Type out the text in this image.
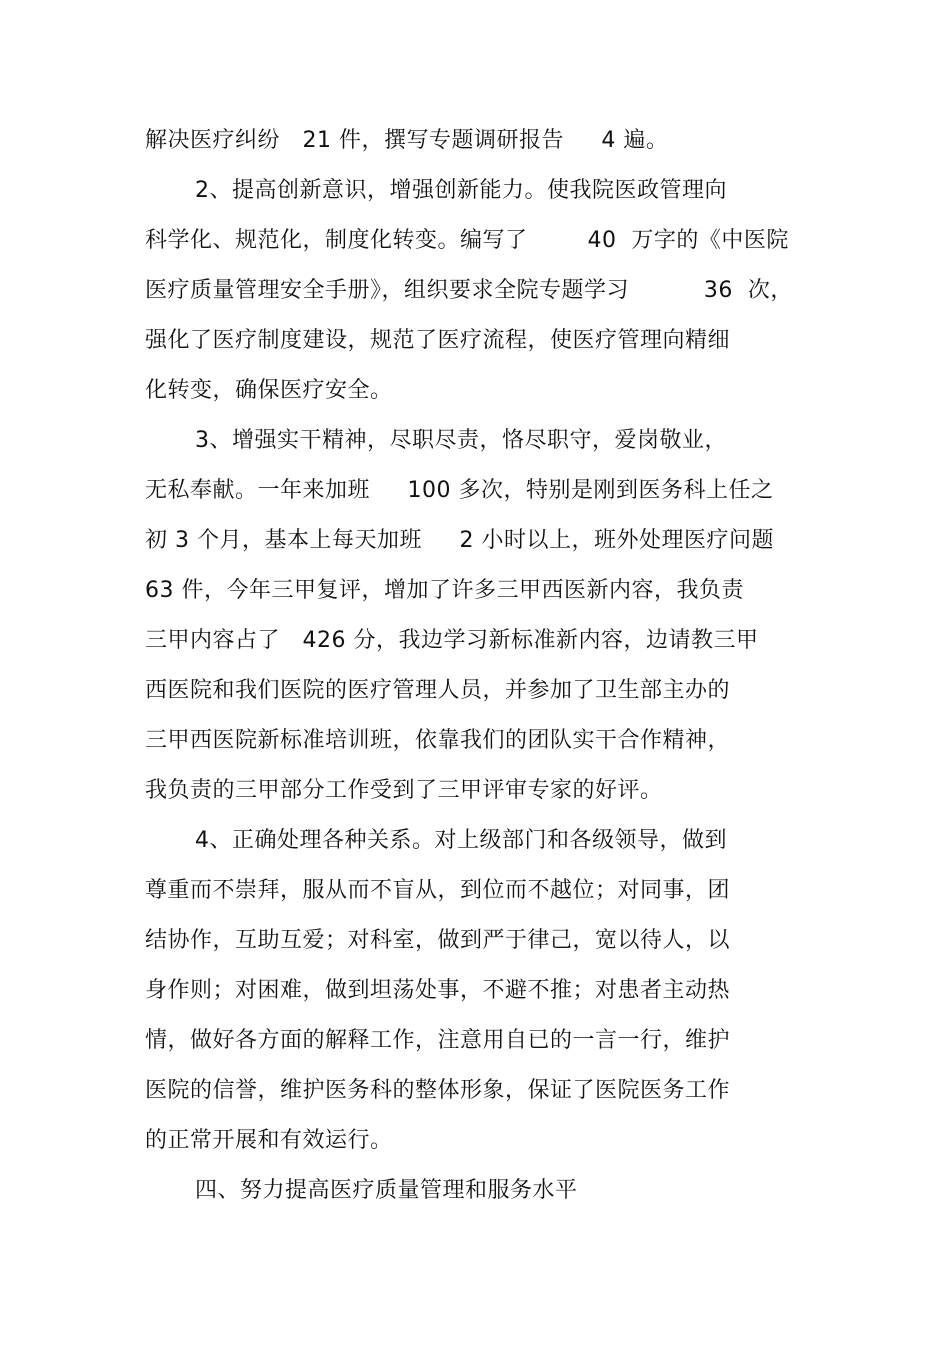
解决医疗纠纷   21 件，撰写专题调研报告     4 遍。
2、提高创新意识，增强创新能力。使我院医政管理向
科学化、规范化，制度化转变。编写了        40  万字的《中医院
医疗质量管理安全手册》，组织要求全院专题学习          36  次，
强化了医疗制度建设，规范了医疗流程，使医疗管理向精细
化转变，确保医疗安全。
3、增强实干精神，尽职尽责，恪尽职守，爱岗敬业，
无私奉献。一年来加班     100 多次，特别是刚到医务科上任之
初 3 个月，基本上每天加班     2 小时以上，班外处理医疗问题
63 件，今年三甲复评，增加了许多三甲西医新内容，我负责
三甲内容占了   426 分，我边学习新标准新内容，边请教三甲
西医院和我们医院的医疗管理人员，并参加了卫生部主办的
三甲西医院新标准培训班，依靠我们的团队实干合作精神，
我负责的三甲部分工作受到了三甲评审专家的好评。
4、正确处理各种关系。对上级部门和各级领导，做到
尊重而不崇拜，服从而不盲从，到位而不越位；对同事，团
结协作，互助互爱；对科室，做到严于律己，宽以待人，以
身作则；对困难，做到坦荡处事，不避不推；对患者主动热
情，做好各方面的解释工作，注意用自已的一言一行，维护
医院的信誉，维护医务科的整体形象，保证了医院医务工作
的正常开展和有效运行。
四、努力提高医疗质量管理和服务水平
